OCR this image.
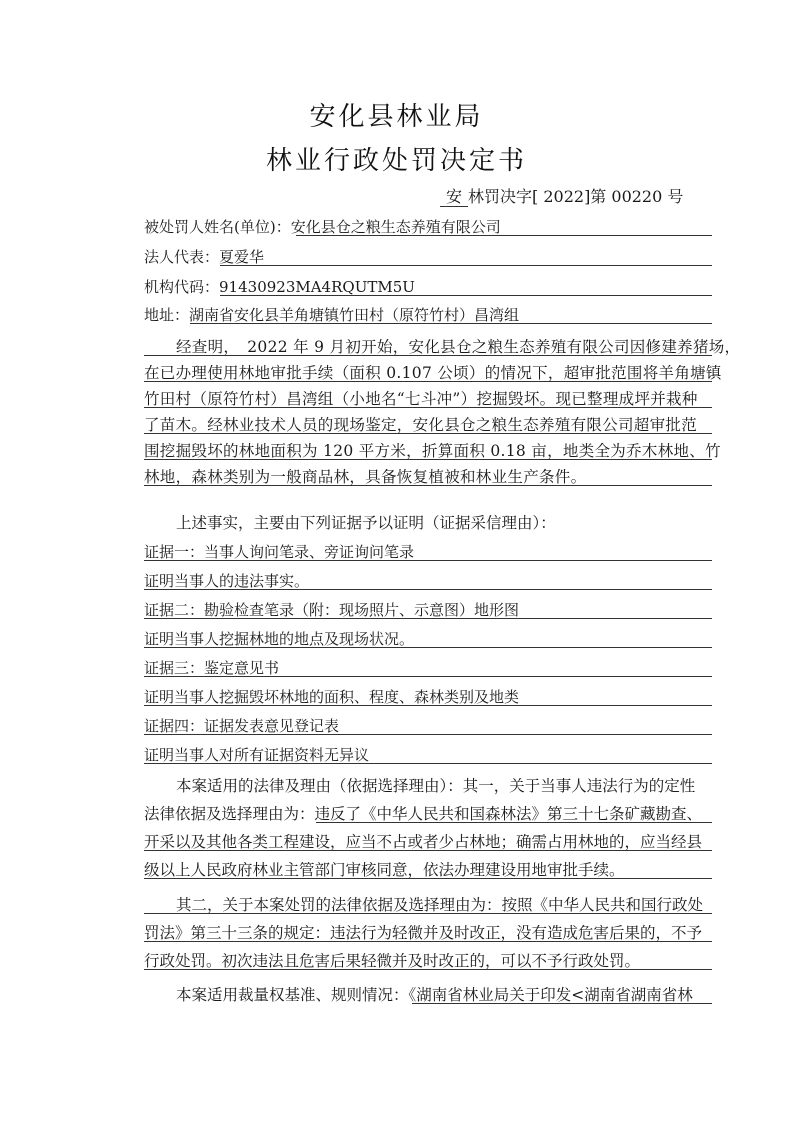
安化县林业局
林业行政处罚决定书
安 林罚决字[ 2022]第 00220 号
被处罚人姓名(单位)：安化县仓之粮生态养殖有限公司
法人代表：夏爱华
机构代码：91430923MA4RQUTM5U
地址：湖南省安化县羊角塘镇竹田村（原符竹村）昌湾组
经查明，　2022 年 9 月初开始，安化县仓之粮生态养殖有限公司因修建养猪场，
在已办理使用林地审批手续（面积 0.107 公顷）的情况下，超审批范围将羊角塘镇
竹田村（原符竹村）昌湾组（小地名“七斗冲”）挖掘毁坏。现已整理成坪并栽种
了苗木。经林业技术人员的现场鉴定，安化县仓之粮生态养殖有限公司超审批范
围挖掘毁坏的林地面积为 120 平方米，折算面积 0.18 亩，地类全为乔木林地、竹
林地，森林类别为一般商品林，具备恢复植被和林业生产条件。
上述事实，主要由下列证据予以证明（证据采信理由）：
证据一：当事人询问笔录、旁证询问笔录
证明当事人的违法事实。
证据二：勘验检查笔录（附：现场照片、示意图）地形图
证明当事人挖掘林地的地点及现场状况。
证据三：鉴定意见书
证明当事人挖掘毁坏林地的面积、程度、森林类别及地类
证据四：证据发表意见登记表
证明当事人对所有证据资料无异议
本案适用的法律及理由（依据选择理由）：其一，关于当事人违法行为的定性
法律依据及选择理由为：违反了《中华人民共和国森林法》第三十七条矿藏勘查、
开采以及其他各类工程建设，应当不占或者少占林地；确需占用林地的，应当经县
级以上人民政府林业主管部门审核同意，依法办理建设用地审批手续。
其二，关于本案处罚的法律依据及选择理由为：按照《中华人民共和国行政处
罚法》第三十三条的规定：违法行为轻微并及时改正，没有造成危害后果的，不予
行政处罚。初次违法且危害后果轻微并及时改正的，可以不予行政处罚。
本案适用裁量权基准、规则情况：《湖南省林业局关于印发<湖南省湖南省林
